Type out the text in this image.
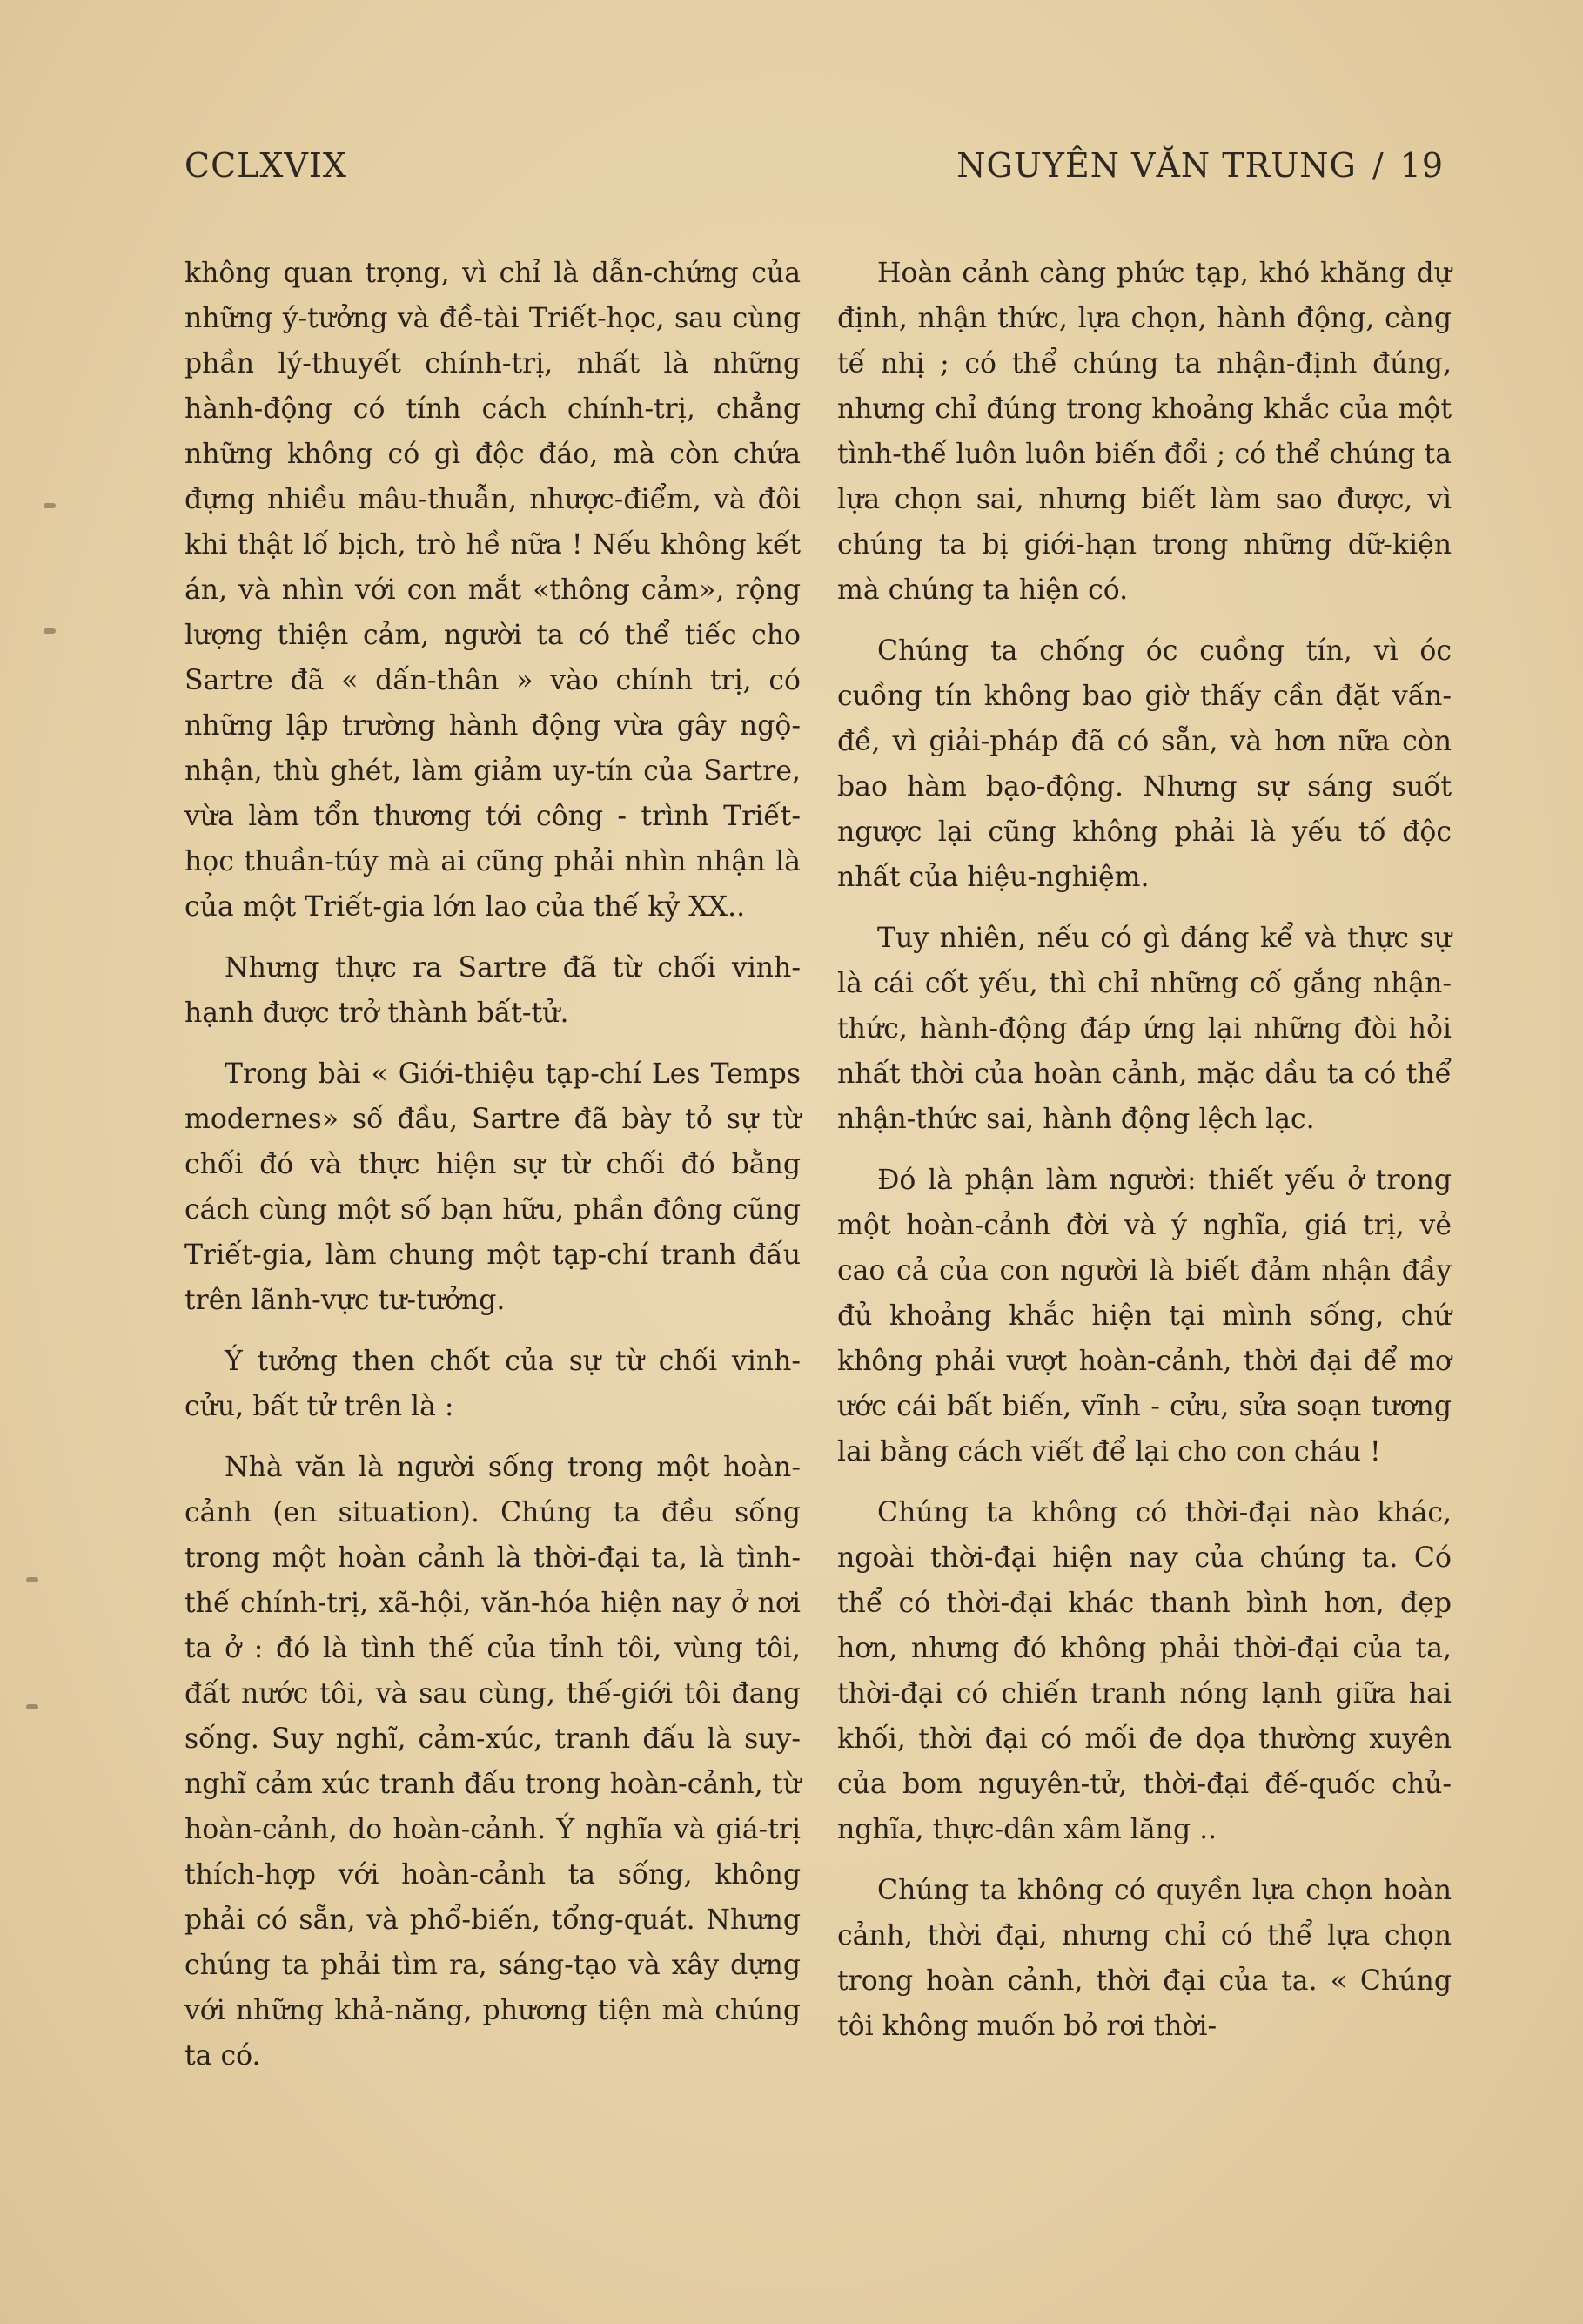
CCLXVIX	NGUYÊN VĂN TRUNG / 19

không quan trọng, vì chỉ là dẫn-chứng của những ý-tưởng và đề-tài Triết-học, sau cùng phần lý-thuyết chính-trị, nhất là những hành-động có tính cách chính-trị, chẳng những không có gì độc đáo, mà còn chứa đựng nhiều mâu-thuẫn, nhược-điểm, và đôi khi thật lố bịch, trò hề nữa ! Nếu không kết án, và nhìn với con mắt «thông cảm», rộng lượng thiện cảm, người ta có thể tiếc cho Sartre đã « dấn-thân » vào chính trị, có những lập trường hành động vừa gây ngộ-nhận, thù ghét, làm giảm uy-tín của Sartre, vừa làm tổn thương tới công - trình Triết-học thuần-túy mà ai cũng phải nhìn nhận là của một Triết-gia lớn lao của thế kỷ XX..

Nhưng thực ra Sartre đã từ chối vinh-hạnh được trở thành bất-tử.

Trong bài « Giới-thiệu tạp-chí Les Temps modernes» số đầu, Sartre đã bày tỏ sự từ chối đó và thực hiện sự từ chối đó bằng cách cùng một số bạn hữu, phần đông cũng Triết-gia, làm chung một tạp-chí tranh đấu trên lãnh-vực tư-tưởng.

Ý tưởng then chốt của sự từ chối vinh-cửu, bất tử trên là :

Nhà văn là người sống trong một hoàn-cảnh (en situation). Chúng ta đều sống trong một hoàn cảnh là thời-đại ta, là tình-thế chính-trị, xã-hội, văn-hóa hiện nay ở nơi ta ở : đó là tình thế của tỉnh tôi, vùng tôi, đất nước tôi, và sau cùng, thế-giới tôi đang sống. Suy nghĩ, cảm-xúc, tranh đấu là suy-nghĩ cảm xúc tranh đấu trong hoàn-cảnh, từ hoàn-cảnh, do hoàn-cảnh. Ý nghĩa và giá-trị thích-hợp với hoàn-cảnh ta sống, không phải có sẵn, và phổ-biến, tổng-quát. Nhưng chúng ta phải tìm ra, sáng-tạo và xây dựng với những khả-năng, phương tiện mà chúng ta có.

Hoàn cảnh càng phức tạp, khó khăng dự định, nhận thức, lựa chọn, hành động, càng tế nhị ; có thể chúng ta nhận-định đúng, nhưng chỉ đúng trong khoảng khắc của một tình-thế luôn luôn biến đổi ; có thể chúng ta lựa chọn sai, nhưng biết làm sao được, vì chúng ta bị giới-hạn trong những dữ-kiện mà chúng ta hiện có.

Chúng ta chống óc cuồng tín, vì óc cuồng tín không bao giờ thấy cần đặt vấn-đề, vì giải-pháp đã có sẵn, và hơn nữa còn bao hàm bạo-động. Nhưng sự sáng suốt ngược lại cũng không phải là yếu tố độc nhất của hiệu-nghiệm.

Tuy nhiên, nếu có gì đáng kể và thực sự là cái cốt yếu, thì chỉ những cố gắng nhận-thức, hành-động đáp ứng lại những đòi hỏi nhất thời của hoàn cảnh, mặc dầu ta có thể nhận-thức sai, hành động lệch lạc.

Đó là phận làm người: thiết yếu ở trong một hoàn-cảnh đời và ý nghĩa, giá trị, vẻ cao cả của con người là biết đảm nhận đầy đủ khoảng khắc hiện tại mình sống, chứ không phải vượt hoàn-cảnh, thời đại để mơ ước cái bất biến, vĩnh - cửu, sửa soạn tương lai bằng cách viết để lại cho con cháu !

Chúng ta không có thời-đại nào khác, ngoài thời-đại hiện nay của chúng ta. Có thể có thời-đại khác thanh bình hơn, đẹp hơn, nhưng đó không phải thời-đại của ta, thời-đại có chiến tranh nóng lạnh giữa hai khối, thời đại có mối đe dọa thường xuyên của bom nguyên-tử, thời-đại đế-quốc chủ-nghĩa, thực-dân xâm lăng ..

Chúng ta không có quyền lựa chọn hoàn cảnh, thời đại, nhưng chỉ có thể lựa chọn trong hoàn cảnh, thời đại của ta. « Chúng tôi không muốn bỏ rơi thời-
